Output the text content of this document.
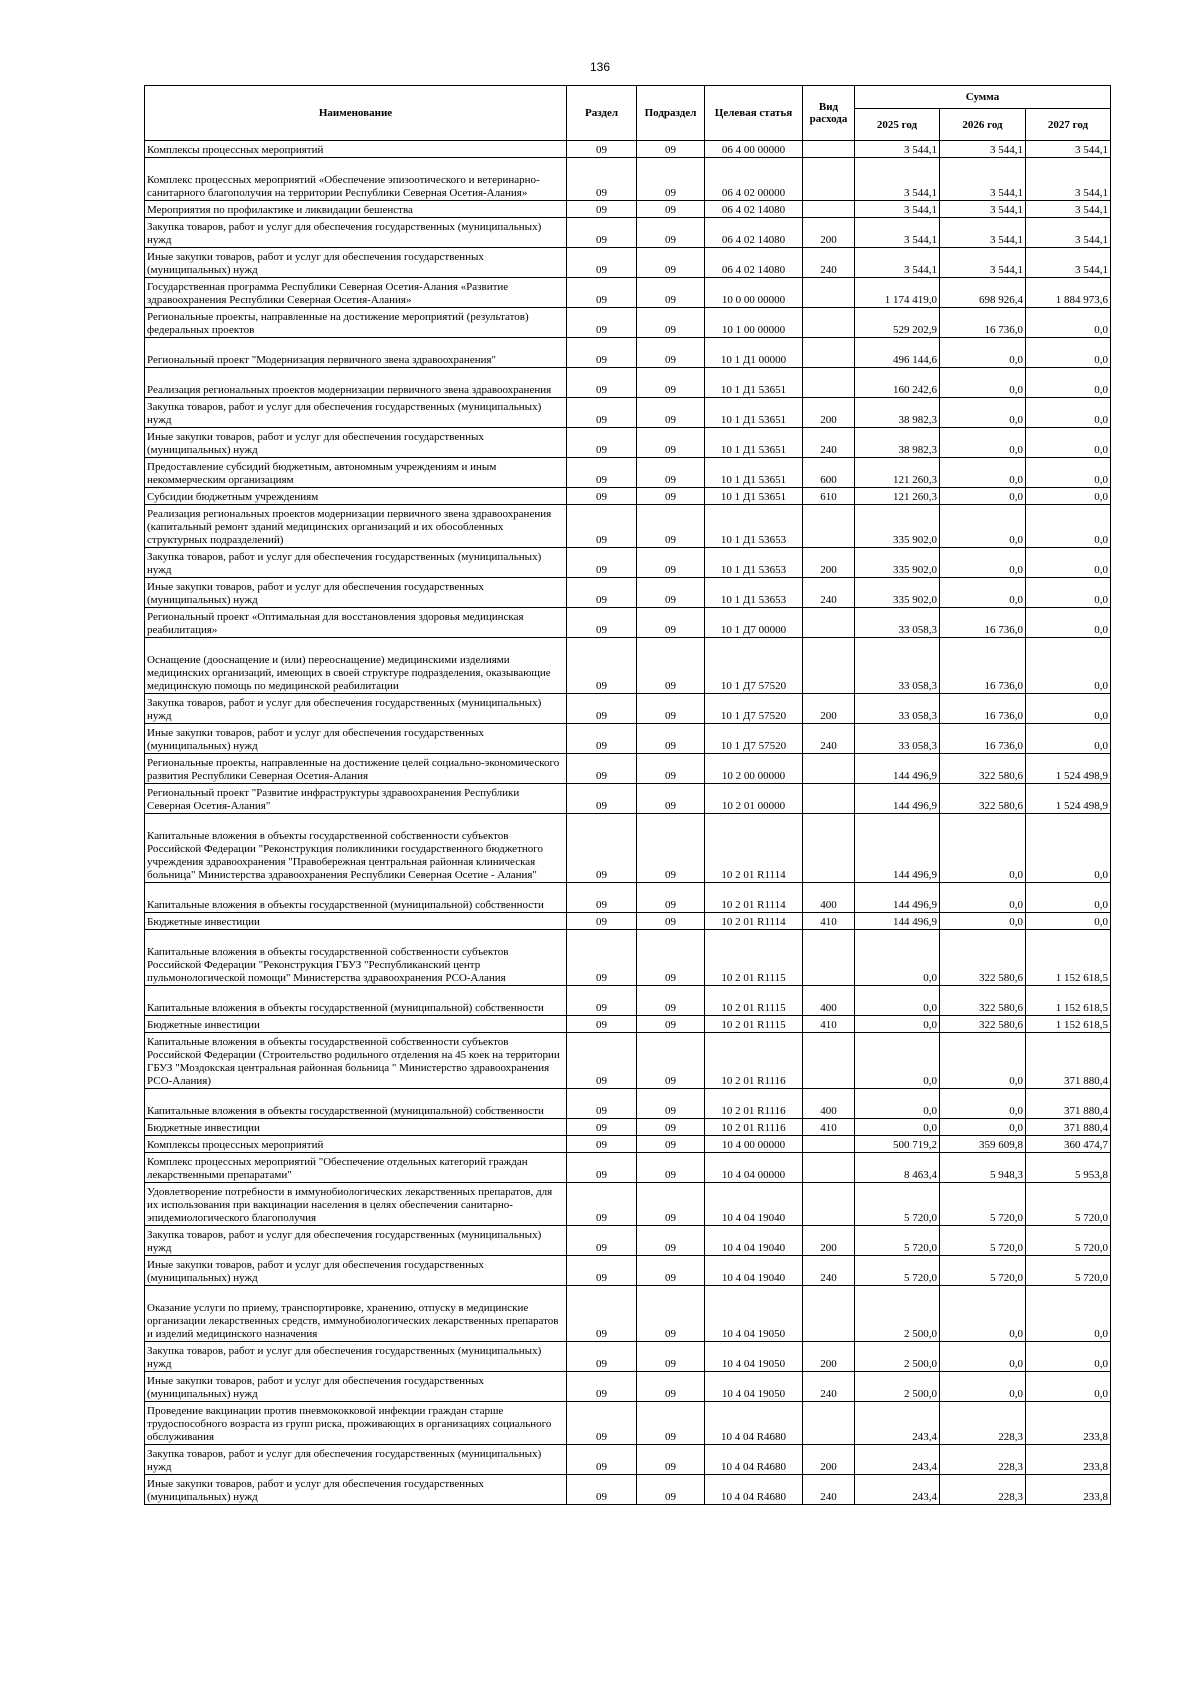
136
Наименование	Раздел	Подраздел	Целевая статья	Вид расхода	Сумма		
					2025 год	2026 год	2027 год
Комплексы процессных мероприятий	09	09	06 4 00 00000		3 544,1	3 544,1	3 544,1
Комплекс процессных мероприятий «Обеспечение эпизоотического и ветеринарно-санитарного благополучия на территории Республики Северная Осетия-Алания»	09	09	06 4 02 00000		3 544,1	3 544,1	3 544,1
Мероприятия по профилактике и ликвидации бешенства	09	09	06 4 02 14080		3 544,1	3 544,1	3 544,1
Закупка товаров, работ и услуг для обеспечения государственных (муниципальных) нужд	09	09	06 4 02 14080	200	3 544,1	3 544,1	3 544,1
Иные закупки товаров, работ и услуг для обеспечения государственных (муниципальных) нужд	09	09	06 4 02 14080	240	3 544,1	3 544,1	3 544,1
Государственная программа Республики Северная Осетия-Алания «Развитие здравоохранения Республики Северная Осетия-Алания»	09	09	10 0 00 00000		1 174 419,0	698 926,4	1 884 973,6
Региональные проекты, направленные на достижение мероприятий (результатов) федеральных проектов	09	09	10 1 00 00000		529 202,9	16 736,0	0,0
Региональный проект "Модернизация первичного звена здравоохранения"	09	09	10 1 Д1 00000		496 144,6	0,0	0,0
Реализация региональных проектов модернизации первичного звена здравоохранения	09	09	10 1 Д1 53651		160 242,6	0,0	0,0
Закупка товаров, работ и услуг для обеспечения государственных (муниципальных) нужд	09	09	10 1 Д1 53651	200	38 982,3	0,0	0,0
Иные закупки товаров, работ и услуг для обеспечения государственных (муниципальных) нужд	09	09	10 1 Д1 53651	240	38 982,3	0,0	0,0
Предоставление субсидий бюджетным, автономным учреждениям и иным некоммерческим организациям	09	09	10 1 Д1 53651	600	121 260,3	0,0	0,0
Субсидии бюджетным учреждениям	09	09	10 1 Д1 53651	610	121 260,3	0,0	0,0
Реализация региональных проектов модернизации первичного звена здравоохранения (капитальный ремонт зданий медицинских организаций и их обособленных структурных подразделений)	09	09	10 1 Д1 53653		335 902,0	0,0	0,0
Закупка товаров, работ и услуг для обеспечения государственных (муниципальных) нужд	09	09	10 1 Д1 53653	200	335 902,0	0,0	0,0
Иные закупки товаров, работ и услуг для обеспечения государственных (муниципальных) нужд	09	09	10 1 Д1 53653	240	335 902,0	0,0	0,0
Региональный проект «Оптимальная для восстановления здоровья медицинская реабилитация»	09	09	10 1 Д7 00000		33 058,3	16 736,0	0,0
Оснащение (дооснащение и (или) переоснащение) медицинскими изделиями медицинских организаций, имеющих в своей структуре подразделения, оказывающие медицинскую помощь по медицинской реабилитации	09	09	10 1 Д7 57520		33 058,3	16 736,0	0,0
Закупка товаров, работ и услуг для обеспечения государственных (муниципальных) нужд	09	09	10 1 Д7 57520	200	33 058,3	16 736,0	0,0
Иные закупки товаров, работ и услуг для обеспечения государственных (муниципальных) нужд	09	09	10 1 Д7 57520	240	33 058,3	16 736,0	0,0
Региональные проекты, направленные на достижение целей социально-экономического развития Республики Северная Осетия-Алания	09	09	10 2 00 00000		144 496,9	322 580,6	1 524 498,9
Региональный проект "Развитие инфраструктуры здравоохранения Республики Северная Осетия-Алания"	09	09	10 2 01 00000		144 496,9	322 580,6	1 524 498,9
Капитальные вложения в объекты государственной собственности субъектов Российской Федерации "Реконструкция поликлиники государственного бюджетного учреждения здравоохранения "Правобережная центральная районная клиническая больница" Министерства здравоохранения Республики Северная Осетие - Алания"	09	09	10 2 01 R1114		144 496,9	0,0	0,0
Капитальные вложения в объекты государственной (муниципальной) собственности	09	09	10 2 01 R1114	400	144 496,9	0,0	0,0
Бюджетные инвестиции	09	09	10 2 01 R1114	410	144 496,9	0,0	0,0
Капитальные вложения в объекты государственной собственности субъектов Российской Федерации "Реконструкция ГБУЗ "Республиканский центр пульмонологической помощи" Министерства здравоохранения РСО-Алания	09	09	10 2 01 R1115		0,0	322 580,6	1 152 618,5
Капитальные вложения в объекты государственной (муниципальной) собственности	09	09	10 2 01 R1115	400	0,0	322 580,6	1 152 618,5
Бюджетные инвестиции	09	09	10 2 01 R1115	410	0,0	322 580,6	1 152 618,5
Капитальные вложения в объекты государственной собственности субъектов Российской Федерации (Строительство родильного отделения на 45 коек на территории ГБУЗ "Моздокская центральная районная больница " Министерство здравоохранения РСО-Алания)	09	09	10 2 01 R1116		0,0	0,0	371 880,4
Капитальные вложения в объекты государственной (муниципальной) собственности	09	09	10 2 01 R1116	400	0,0	0,0	371 880,4
Бюджетные инвестиции	09	09	10 2 01 R1116	410	0,0	0,0	371 880,4
Комплексы процессных мероприятий	09	09	10 4 00 00000		500 719,2	359 609,8	360 474,7
Комплекс процессных мероприятий "Обеспечение отдельных категорий граждан лекарственными препаратами"	09	09	10 4 04 00000		8 463,4	5 948,3	5 953,8
Удовлетворение потребности в иммунобиологических лекарственных препаратов, для их использования при вакцинации населения в целях обеспечения санитарно-эпидемиологического благополучия	09	09	10 4 04 19040		5 720,0	5 720,0	5 720,0
Закупка товаров, работ и услуг для обеспечения государственных (муниципальных) нужд	09	09	10 4 04 19040	200	5 720,0	5 720,0	5 720,0
Иные закупки товаров, работ и услуг для обеспечения государственных (муниципальных) нужд	09	09	10 4 04 19040	240	5 720,0	5 720,0	5 720,0
Оказание услуги по приему, транспортировке, хранению, отпуску в медицинские организации лекарственных средств, иммунобиологических лекарственных препаратов и изделий медицинского назначения	09	09	10 4 04 19050		2 500,0	0,0	0,0
Закупка товаров, работ и услуг для обеспечения государственных (муниципальных) нужд	09	09	10 4 04 19050	200	2 500,0	0,0	0,0
Иные закупки товаров, работ и услуг для обеспечения государственных (муниципальных) нужд	09	09	10 4 04 19050	240	2 500,0	0,0	0,0
Проведение вакцинации против пневмококковой инфекции граждан старше трудоспособного возраста из групп риска, проживающих в организациях социального обслуживания	09	09	10 4 04 R4680		243,4	228,3	233,8
Закупка товаров, работ и услуг для обеспечения государственных (муниципальных) нужд	09	09	10 4 04 R4680	200	243,4	228,3	233,8
Иные закупки товаров, работ и услуг для обеспечения государственных (муниципальных) нужд	09	09	10 4 04 R4680	240	243,4	228,3	233,8
